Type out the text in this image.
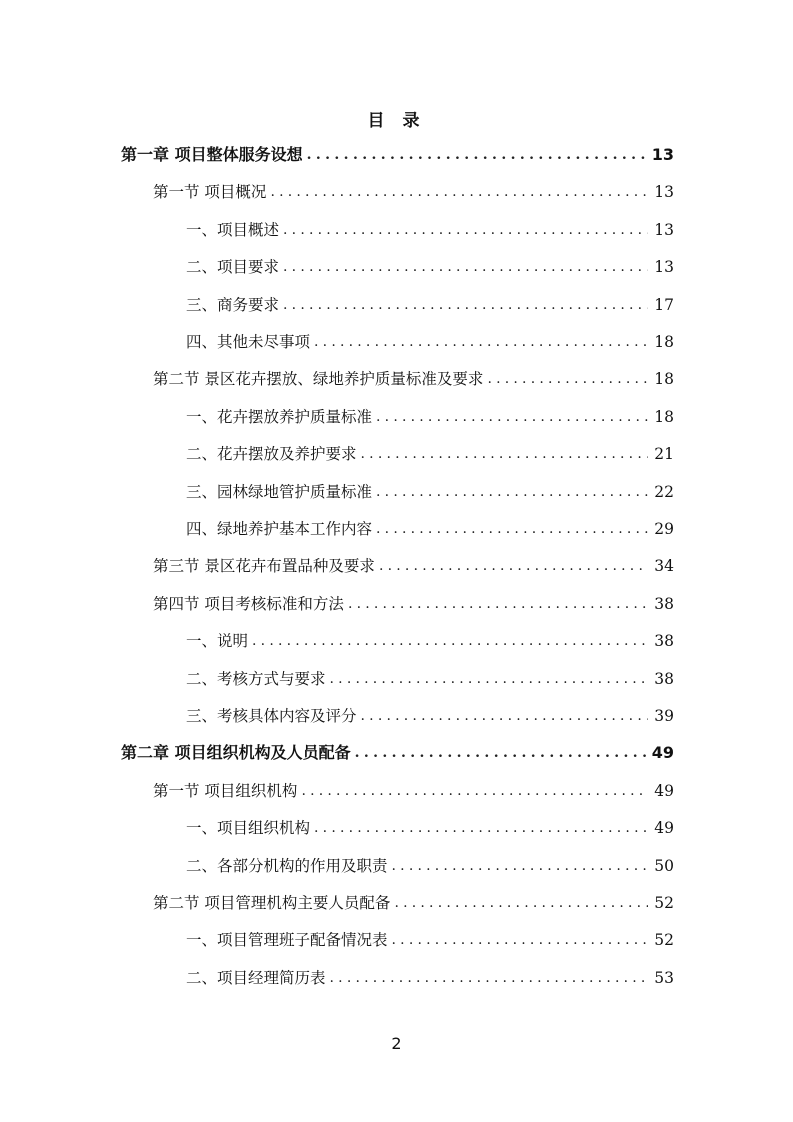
目 录
第一章 项目整体服务设想 .....	13
第一节 项目概况 .....	13
一、项目概述 .....	13
二、项目要求 .....	13
三、商务要求 .....	17
四、其他未尽事项 .....	18
第二节 景区花卉摆放、绿地养护质量标准及要求 .....	18
一、花卉摆放养护质量标准 .....	18
二、花卉摆放及养护要求 .....	21
三、园林绿地管护质量标准 .....	22
四、绿地养护基本工作内容 .....	29
第三节 景区花卉布置品种及要求 .....	34
第四节 项目考核标准和方法 .....	38
一、说明 .....	38
二、考核方式与要求 .....	38
三、考核具体内容及评分 .....	39
第二章 项目组织机构及人员配备 .....	49
第一节 项目组织机构 .....	49
一、项目组织机构 .....	49
二、各部分机构的作用及职责 .....	50
第二节 项目管理机构主要人员配备 .....	52
一、项目管理班子配备情况表 .....	52
二、项目经理简历表 .....	53
2
